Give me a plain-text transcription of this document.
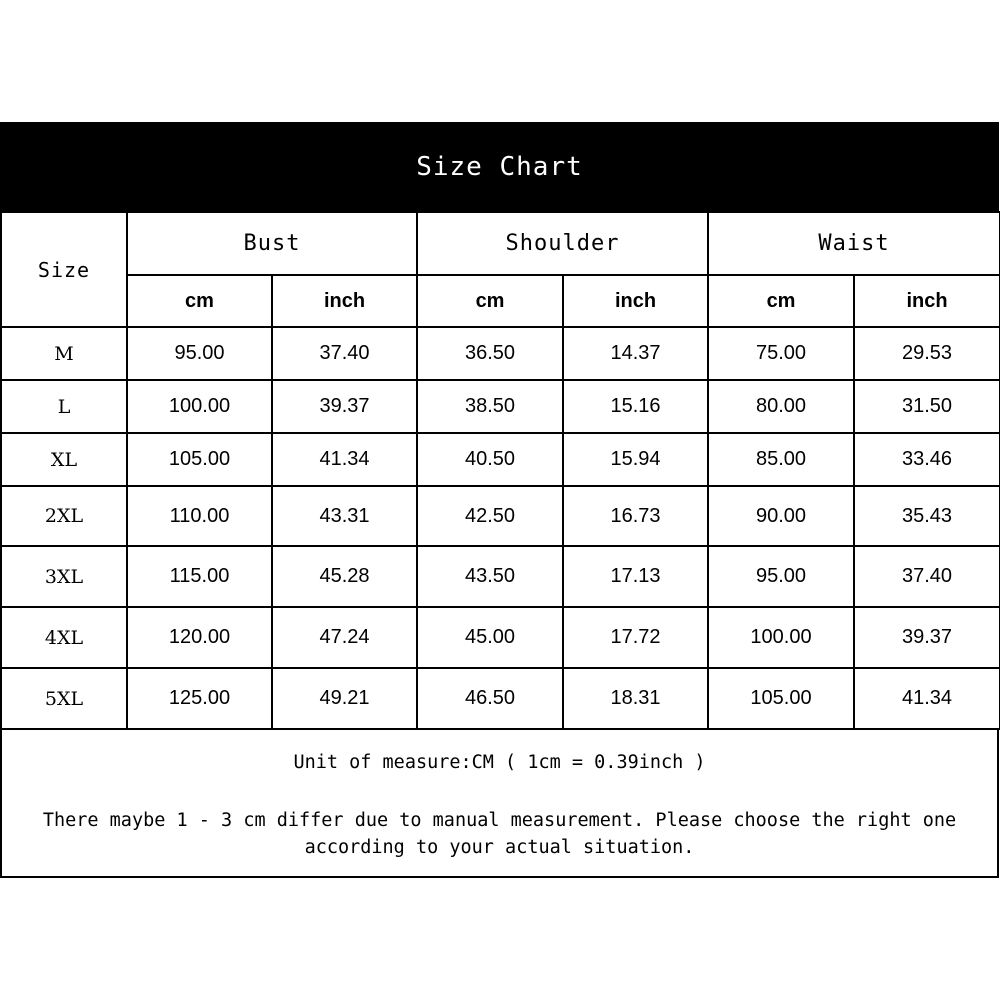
Size Chart
Size	Bust		Shoulder		Waist	
	cm	inch	cm	inch	cm	inch
M	95.00	37.40	36.50	14.37	75.00	29.53
L	100.00	39.37	38.50	15.16	80.00	31.50
XL	105.00	41.34	40.50	15.94	85.00	33.46
2XL	110.00	43.31	42.50	16.73	90.00	35.43
3XL	115.00	45.28	43.50	17.13	95.00	37.40
4XL	120.00	47.24	45.00	17.72	100.00	39.37
5XL	125.00	49.21	46.50	18.31	105.00	41.34
Unit of measure:CM ( 1cm = 0.39inch )
There maybe 1 - 3 cm differ due to manual measurement. Please choose the right one according to your actual situation.
